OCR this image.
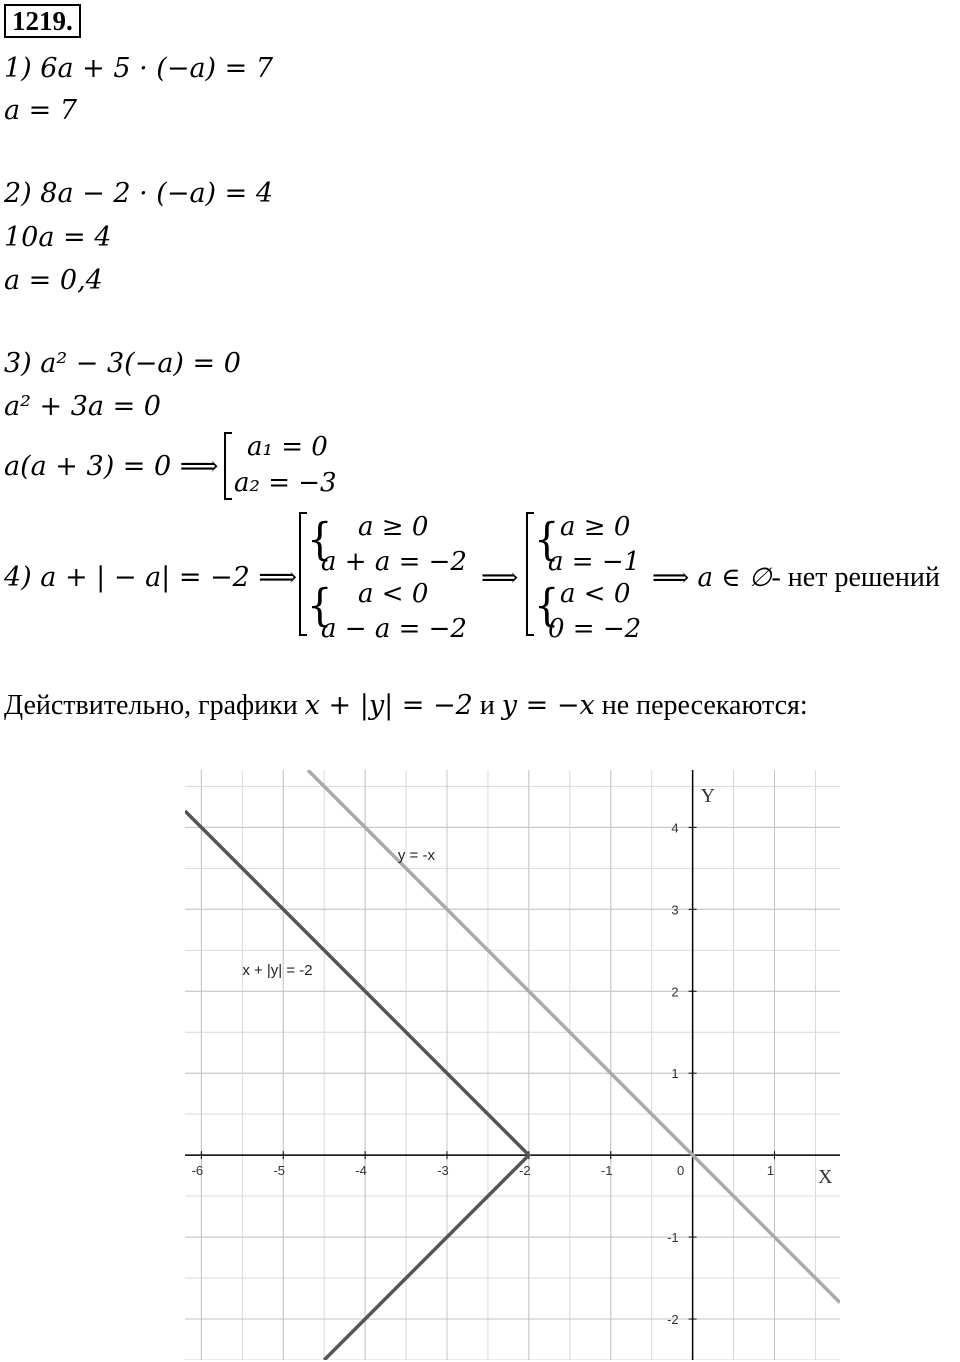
1219.
1) 6a + 5 · (−a) = 7
a = 7
2) 8a − 2 · (−a) = 4
10a = 4
a = 0,4
3) a² − 3(−a) = 0
a² + 3a = 0
a(a + 3) = 0 ⟹
a₁ = 0
a₂ = −3
4) a + | − a| = −2 ⟹
{ a ≥ 0
a + a = −2
{ a < 0
a − a = −2
⟹
{ a ≥ 0
a = −1
{ a < 0
0 = −2
⟹ a ∈ ∅- нет решений
Действительно, графики x + |y| = −2 и y = −x не пересекаются:
-6	-5	-4	-3	-2	-1	0	1
-2
-1
1
2
3
4
X
Y
x + |y| = -2
y = -x
